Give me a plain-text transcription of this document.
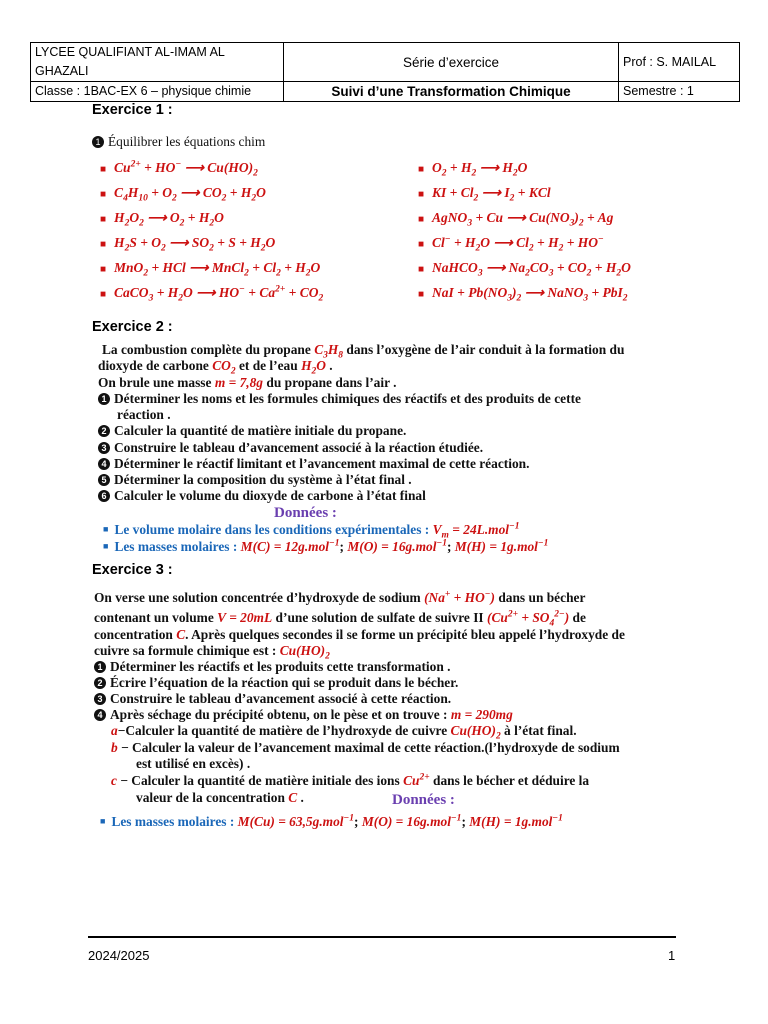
LYCEE QUALIFIANT AL-IMAM AL GHAZALI	Série d’exercice	Prof : S. MAILAL
Classe : 1BAC-EX 6 – physique chimie	Suivi d’une Transformation Chimique	Semestre : 1
Exercice 1 :
1 Équilibrer les équations chim
■ $Cu^{2+} + HO^-$ ⟶ $Cu(HO)_2$
■ $C_4H_{10} + O_2$ ⟶ $CO_2 + H_2O$
■ $H_2O_2$ ⟶ $O_2 + H_2O$
■ $H_2S + O_2$ ⟶ $SO_2 + S + H_2O$
■ MnO$_2$ + HCl ⟶ MnCl$_2$ + $Cl_2 + H_2O$
■ CaCO$_3$ + $H_2O$ ⟶ $HO^- + Ca^{2+} + CO_2$
■ $O_2 + H_2$ ⟶ $H_2O$
■ KI + $Cl_2$ ⟶ $I_2$ + KCl
■ AgNO$_3$ + Cu ⟶ $Cu(NO_3)_2 + Ag$
■ $Cl^- + H_2O$ ⟶ $Cl_2 + H_2 + HO^-$
■ NaHCO$_3$ ⟶ $Na_2CO_3 + CO_2 + H_2O$
■ NaI + $Pb(NO_3)_2$ ⟶ NaNO$_3$ + PbI$_2$
Exercice 2 :
La combustion complète du propane $C_3H_8$ dans l’oxygène de l’air conduit à la formation du
dioxyde de carbone $CO_2$ et de l’eau $H_2O$ .
On brule une masse m = 7,8g du propane dans l’air .
1 Déterminer les noms et les formules chimiques des réactifs et des produits de cette
réaction .
2 Calculer la quantité de matière initiale du propane.
3 Construire le tableau d’avancement associé à la réaction étudiée.
4 Déterminer le réactif limitant et l’avancement maximal de cette réaction.
5 Déterminer la composition du système à l’état final .
6 Calculer le volume du dioxyde de carbone à l’état final
Données :
■ Le volume molaire dans les conditions expérimentales : $V_m = 24L.mol^{-1}$
■ Les masses molaires : M(C) = 12g.mol$^{-1}$; M(O) = 16g.mol$^{-1}$; M(H) = 1g.mol$^{-1}$
Exercice 3 :
On verse une solution concentrée d’hydroxyde de sodium (Na+ + HO−) dans un bécher
contenant un volume V = 20mL d’une solution de sulfate de suivre II $(Cu^{2+} + SO_4^{2-})$ de
concentration C. Après quelques secondes il se forme un précipité bleu appelé l’hydroxyde de
cuivre sa formule chimique est : $Cu(HO)_2$
1 Déterminer les réactifs et les produits cette transformation .
2 Écrire l’équation de la réaction qui se produit dans le bécher.
3 Construire le tableau d’avancement associé à cette réaction.
4 Après séchage du précipité obtenu, on le pèse et on trouve : m = 290mg
a−Calculer la quantité de matière de l’hydroxyde de cuivre $Cu(HO)_2$ à l’état final.
b − Calculer la valeur de l’avancement maximal de cette réaction.(l’hydroxyde de sodium
est utilisé en excès) .
c − Calculer la quantité de matière initiale des ions $Cu^{2+}$ dans le bécher et déduire la
valeur de la concentration C .	Données :
■ Les masses molaires : M(Cu) = 63,5g.mol$^{-1}$; M(O) = 16g.mol$^{-1}$; M(H) = 1g.mol$^{-1}$
2024/2025	1
